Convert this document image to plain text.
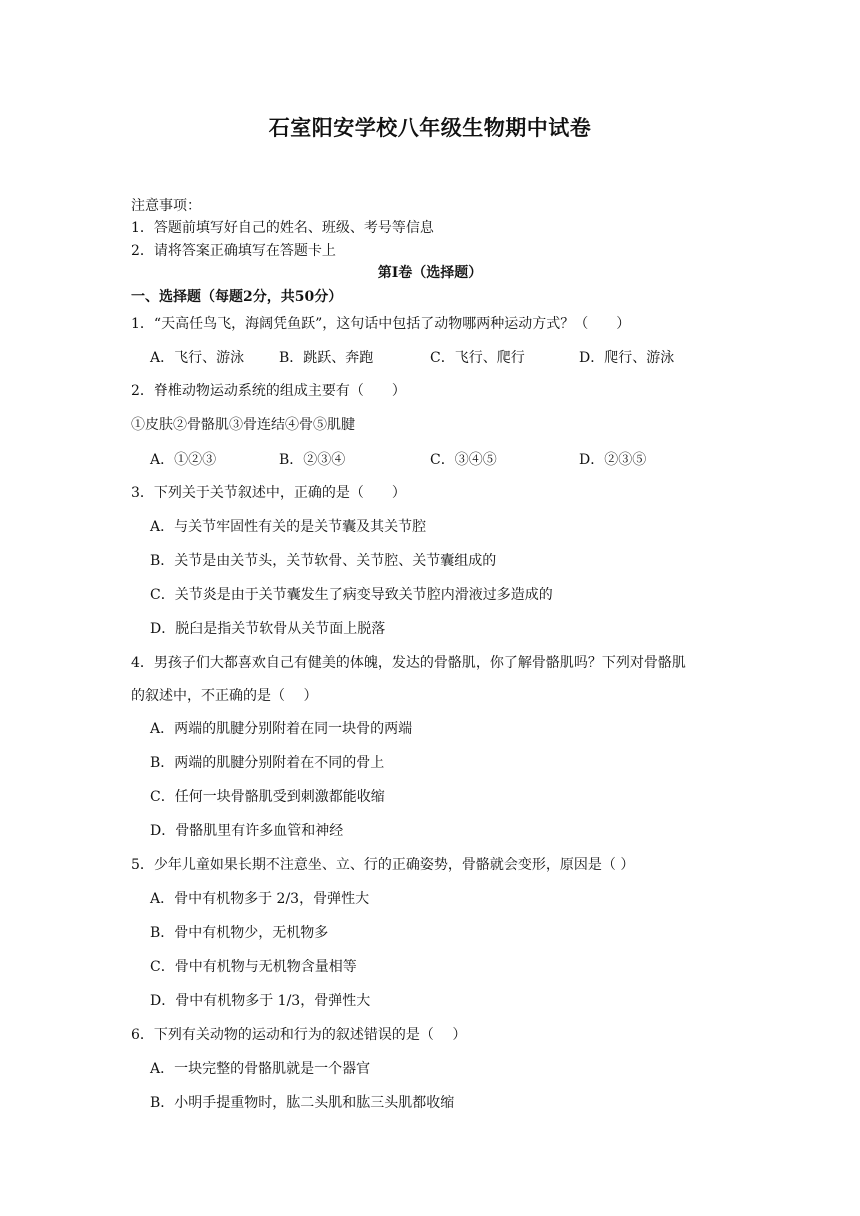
石室阳安学校八年级生物期中试卷
注意事项：
1．答题前填写好自己的姓名、班级、考号等信息
2．请将答案正确填写在答题卡上
第Ⅰ卷（选择题）
一、选择题（每题2分，共50分）
1．“天高任鸟飞，海阔凭鱼跃”，这句话中包括了动物哪两种运动方式？（　　）
A．飞行、游泳 B．跳跃、奔跑	C．飞行、爬行	D．爬行、游泳
2．脊椎动物运动系统的组成主要有（　　）
①皮肤②骨骼肌③骨连结④骨⑤肌腱
A．①②③	B．②③④	C．③④⑤	D．②③⑤
3．下列关于关节叙述中，正确的是（　　）
A．与关节牢固性有关的是关节囊及其关节腔
B．关节是由关节头，关节软骨、关节腔、关节囊组成的
C．关节炎是由于关节囊发生了病变导致关节腔内滑液过多造成的
D．脱臼是指关节软骨从关节面上脱落
4．男孩子们大都喜欢自己有健美的体魄，发达的骨骼肌，你了解骨骼肌吗？下列对骨骼肌
的叙述中，不正确的是（　 ）
A．两端的肌腱分别附着在同一块骨的两端
B．两端的肌腱分别附着在不同的骨上
C．任何一块骨骼肌受到刺激都能收缩
D．骨骼肌里有许多血管和神经
5．少年儿童如果长期不注意坐、立、行的正确姿势，骨骼就会变形，原因是（ ）
A．骨中有机物多于 2/3，骨弹性大
B．骨中有机物少，无机物多
C．骨中有机物与无机物含量相等
D．骨中有机物多于 1/3，骨弹性大
6．下列有关动物的运动和行为的叙述错误的是（　 ）
A．一块完整的骨骼肌就是一个器官
B．小明手提重物时，肱二头肌和肱三头肌都收缩
